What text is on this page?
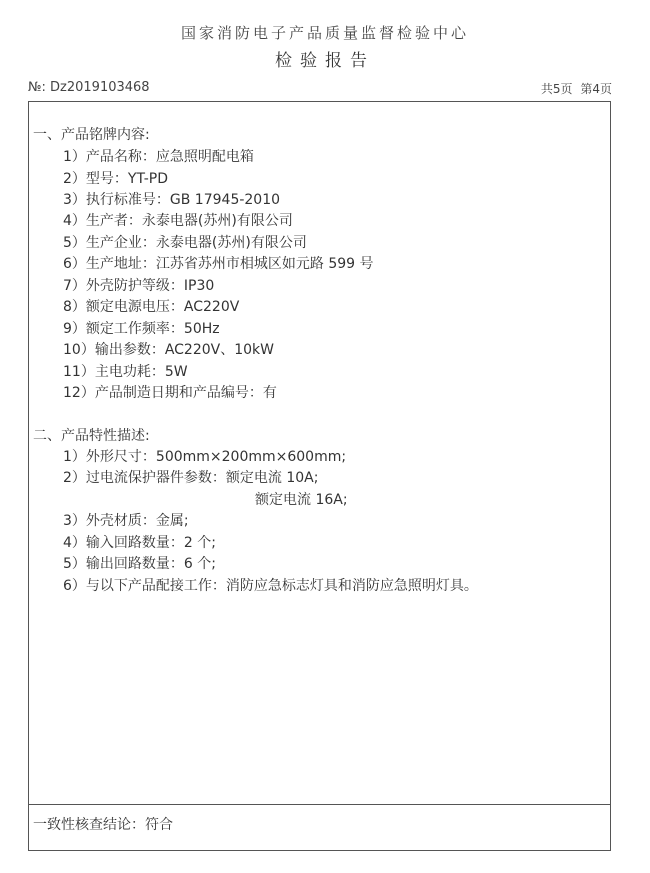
国家消防电子产品质量监督检验中心
检验报告
№: Dz2019103468	共5页 第4页
一、产品铭牌内容:
1）产品名称：应急照明配电箱
2）型号：YT-PD
3）执行标准号：GB 17945-2010
4）生产者：永泰电器(苏州)有限公司
5）生产企业：永泰电器(苏州)有限公司
6）生产地址：江苏省苏州市相城区如元路 599 号
7）外壳防护等级：IP30
8）额定电源电压：AC220V
9）额定工作频率：50Hz
10）输出参数：AC220V、10kW
11）主电功耗：5W
12）产品制造日期和产品编号：有
二、产品特性描述:
1）外形尺寸：500mm×200mm×600mm;
2）过电流保护器件参数：额定电流 10A;
额定电流 16A;
3）外壳材质：金属;
4）输入回路数量：2 个;
5）输出回路数量：6 个;
6）与以下产品配接工作：消防应急标志灯具和消防应急照明灯具。
一致性核查结论：符合
